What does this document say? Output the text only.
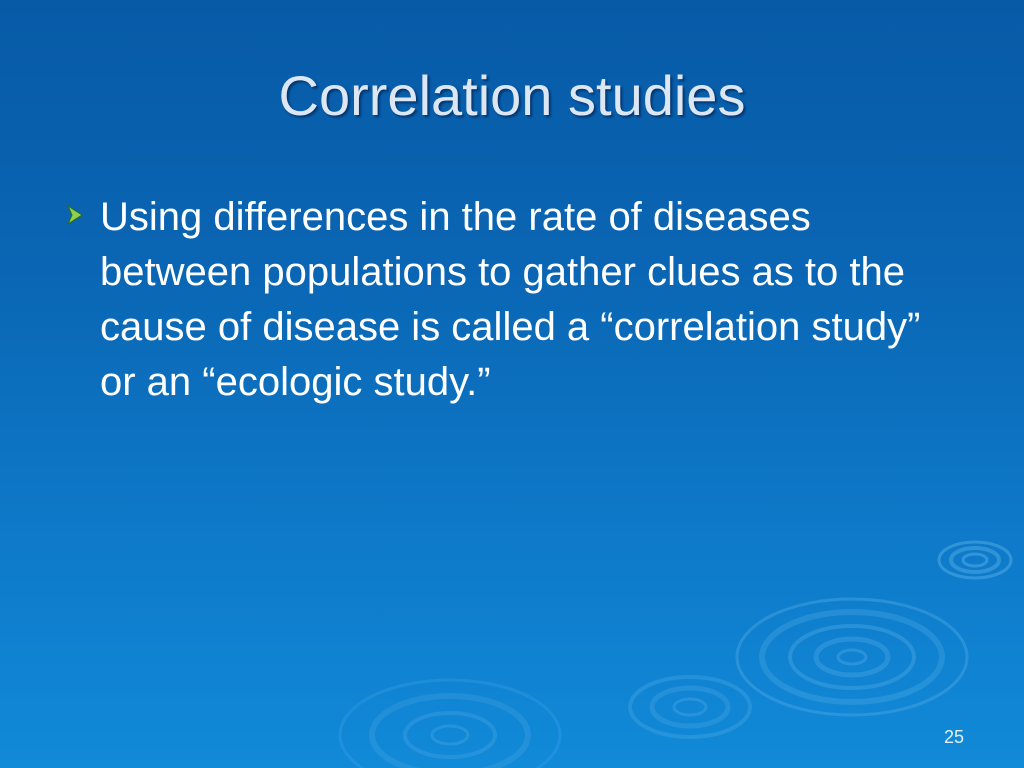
Correlation studies
Using differences in the rate of diseases between populations to gather clues as to the cause of disease is called a “correlation study” or an “ecologic study.”
25
